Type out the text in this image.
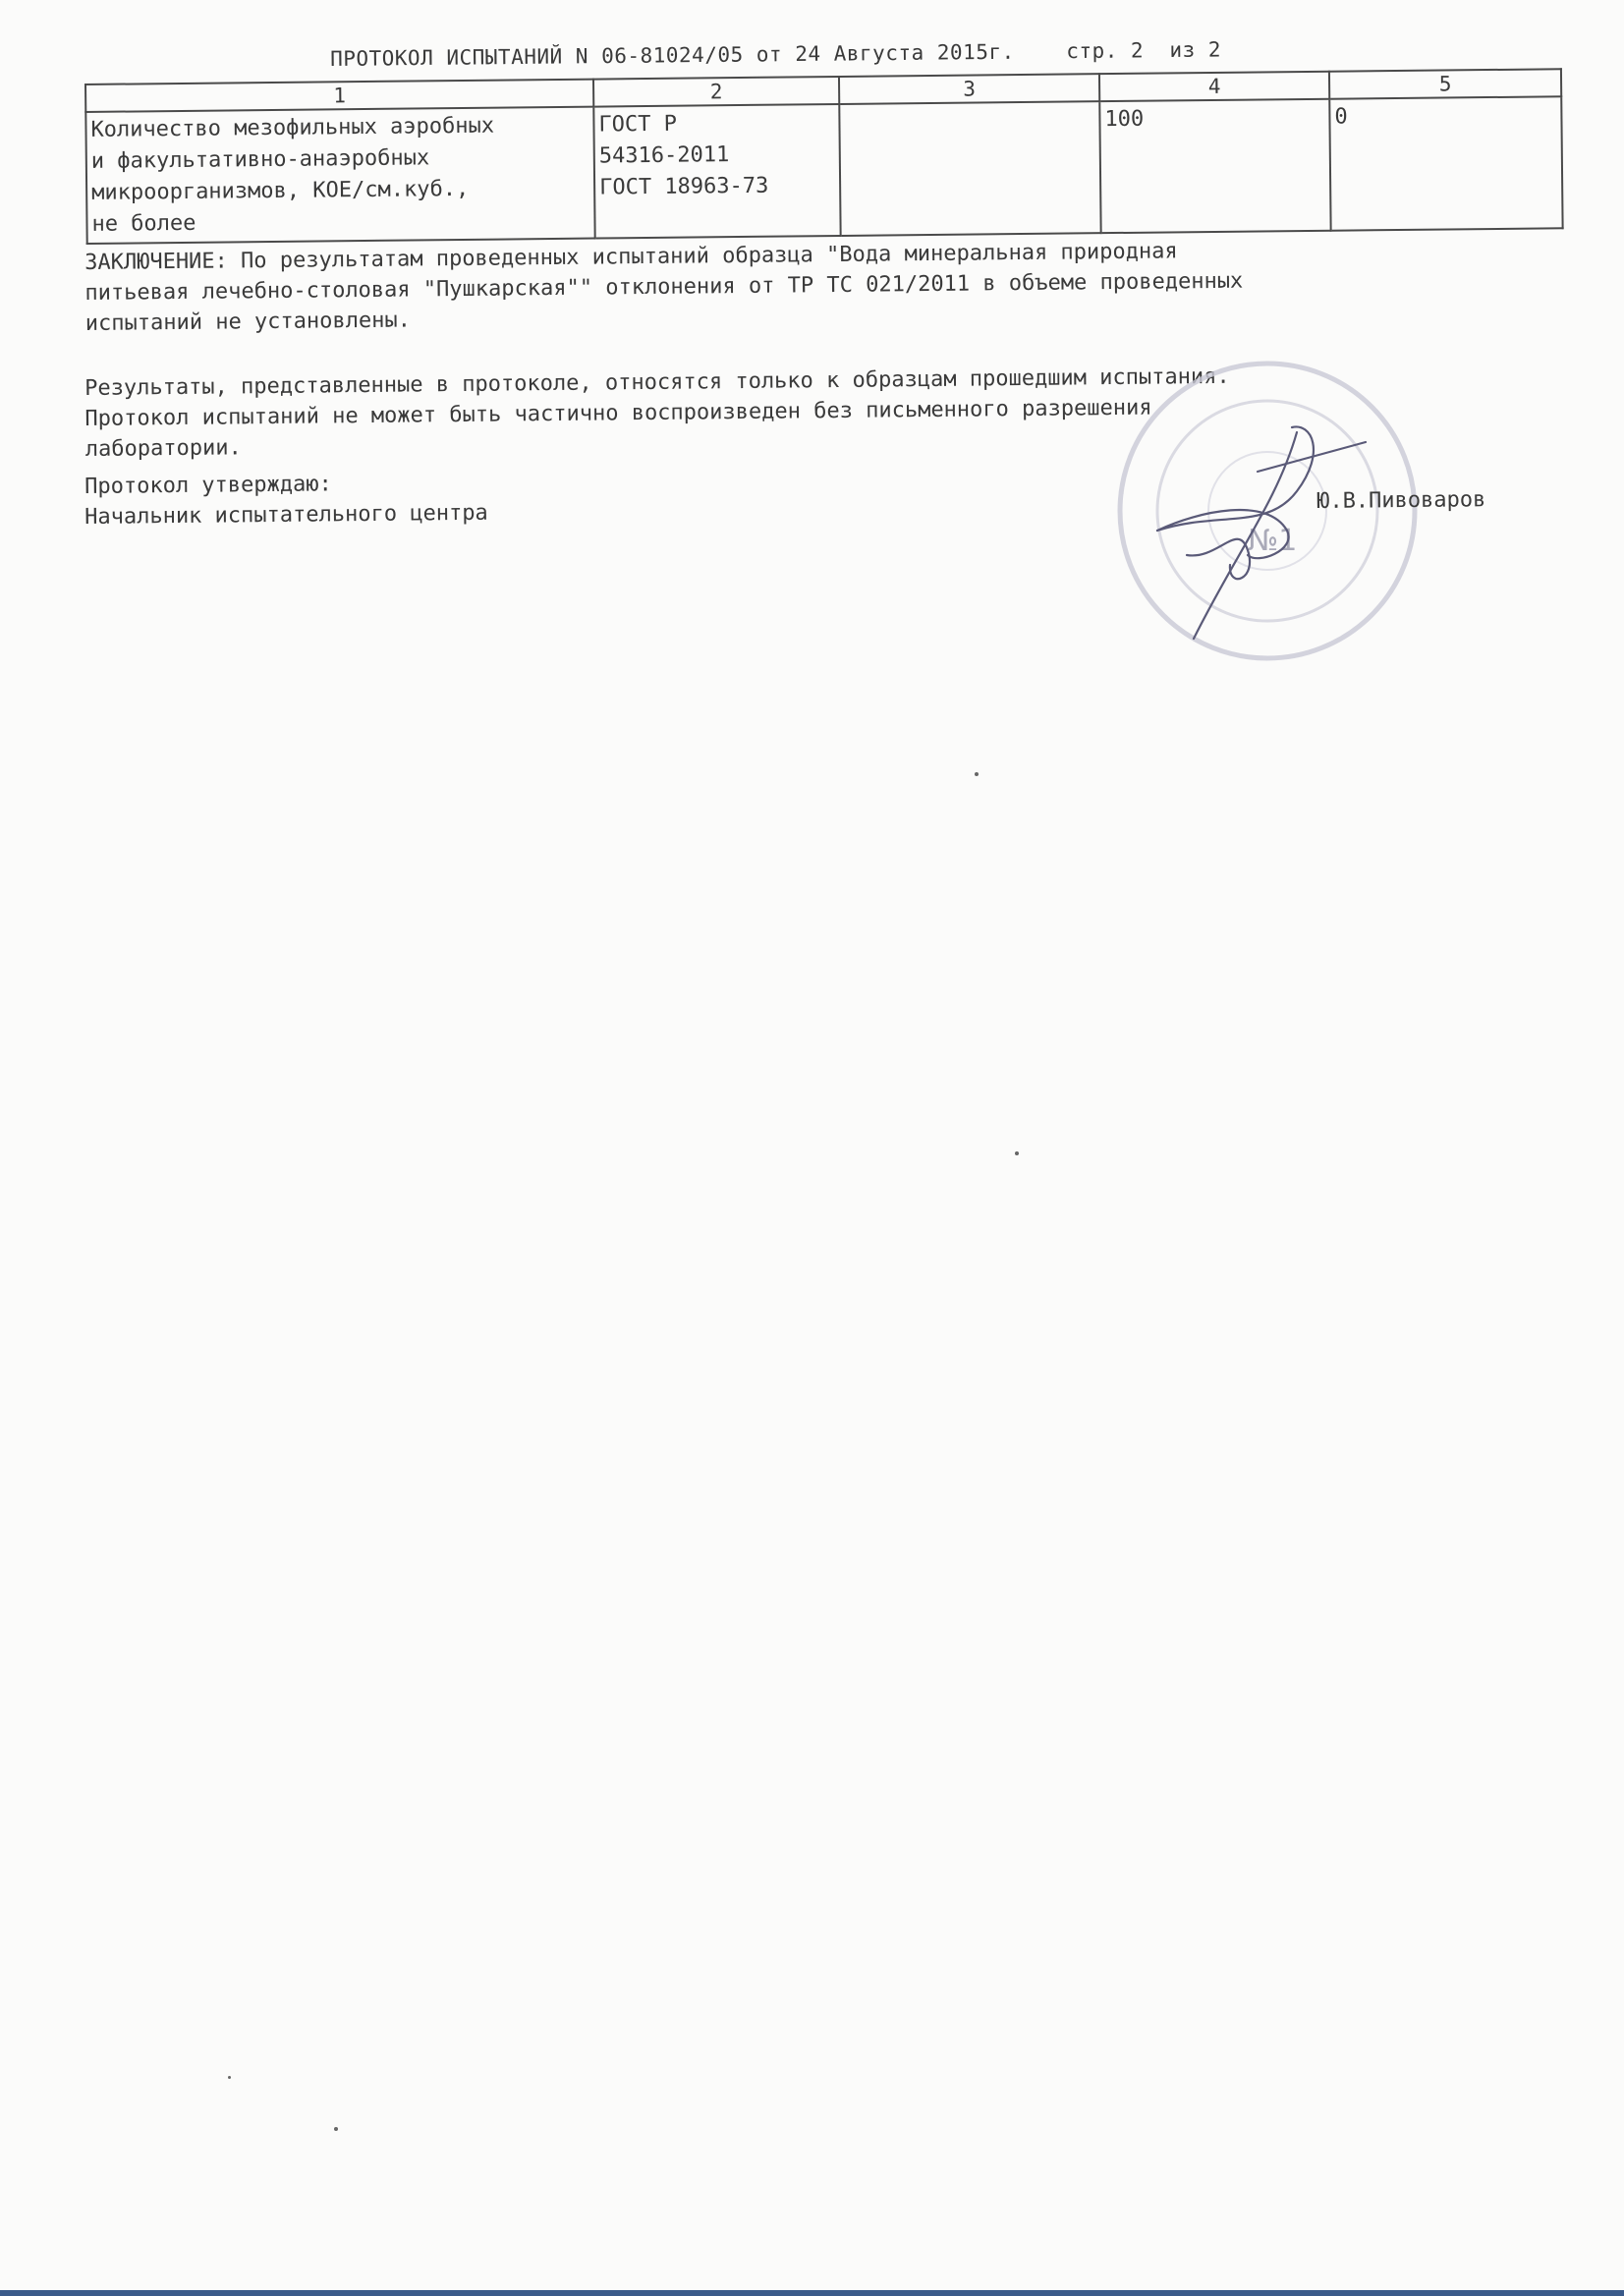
ПРОТОКОЛ ИСПЫТАНИЙ N 06-81024/05 от 24 Августа 2015г. стр. 2  из 2
1	2	3	4	5
Количество мезофильных аэробных
и факультативно-анаэробных
микроорганизмов, КОЕ/см.куб.,
не более	ГОСТ Р
54316-2011
ГОСТ 18963-73		100	0
ЗАКЛЮЧЕНИЕ: По результатам проведенных испытаний образца "Вода минеральная природная
питьевая лечебно-столовая "Пушкарская"" отклонения от ТР ТС 021/2011 в объеме проведенных
испытаний не установлены.
Результаты, представленные в протоколе, относятся только к образцам прошедшим испытания.
Протокол испытаний не может быть частично воспроизведен без письменного разрешения
лаборатории.
Протокол утверждаю:
Начальник испытательного центра
№1
Ю.В.Пивоваров
